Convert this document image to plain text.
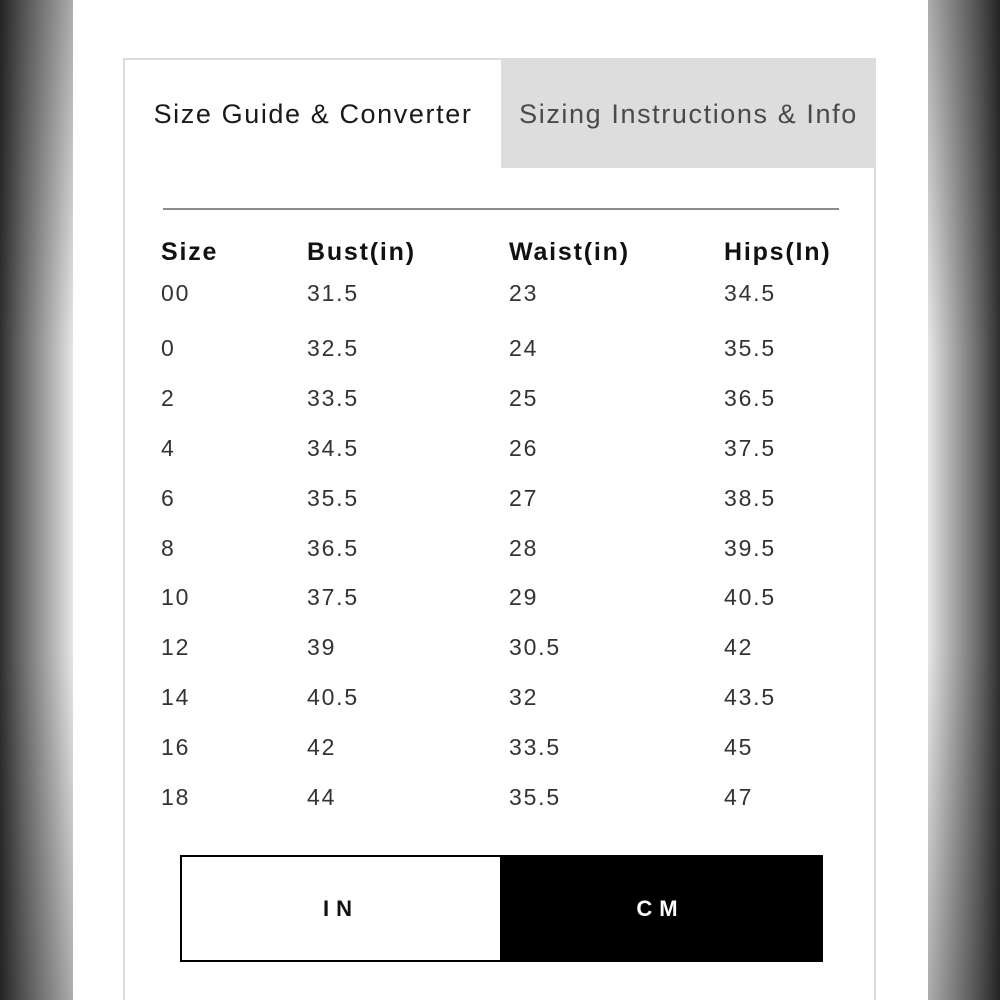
Size Guide & Converter Sizing Instructions & Info
Size	Bust(in)	Waist(in)	Hips(In)
00	31.5	23	34.5
0	32.5	24	35.5
2	33.5	25	36.5
4	34.5	26	37.5
6	35.5	27	38.5
8	36.5	28	39.5
10	37.5	29	40.5
12	39	30.5	42
14	40.5	32	43.5
16	42	33.5	45
18	44	35.5	47
IN	CM
